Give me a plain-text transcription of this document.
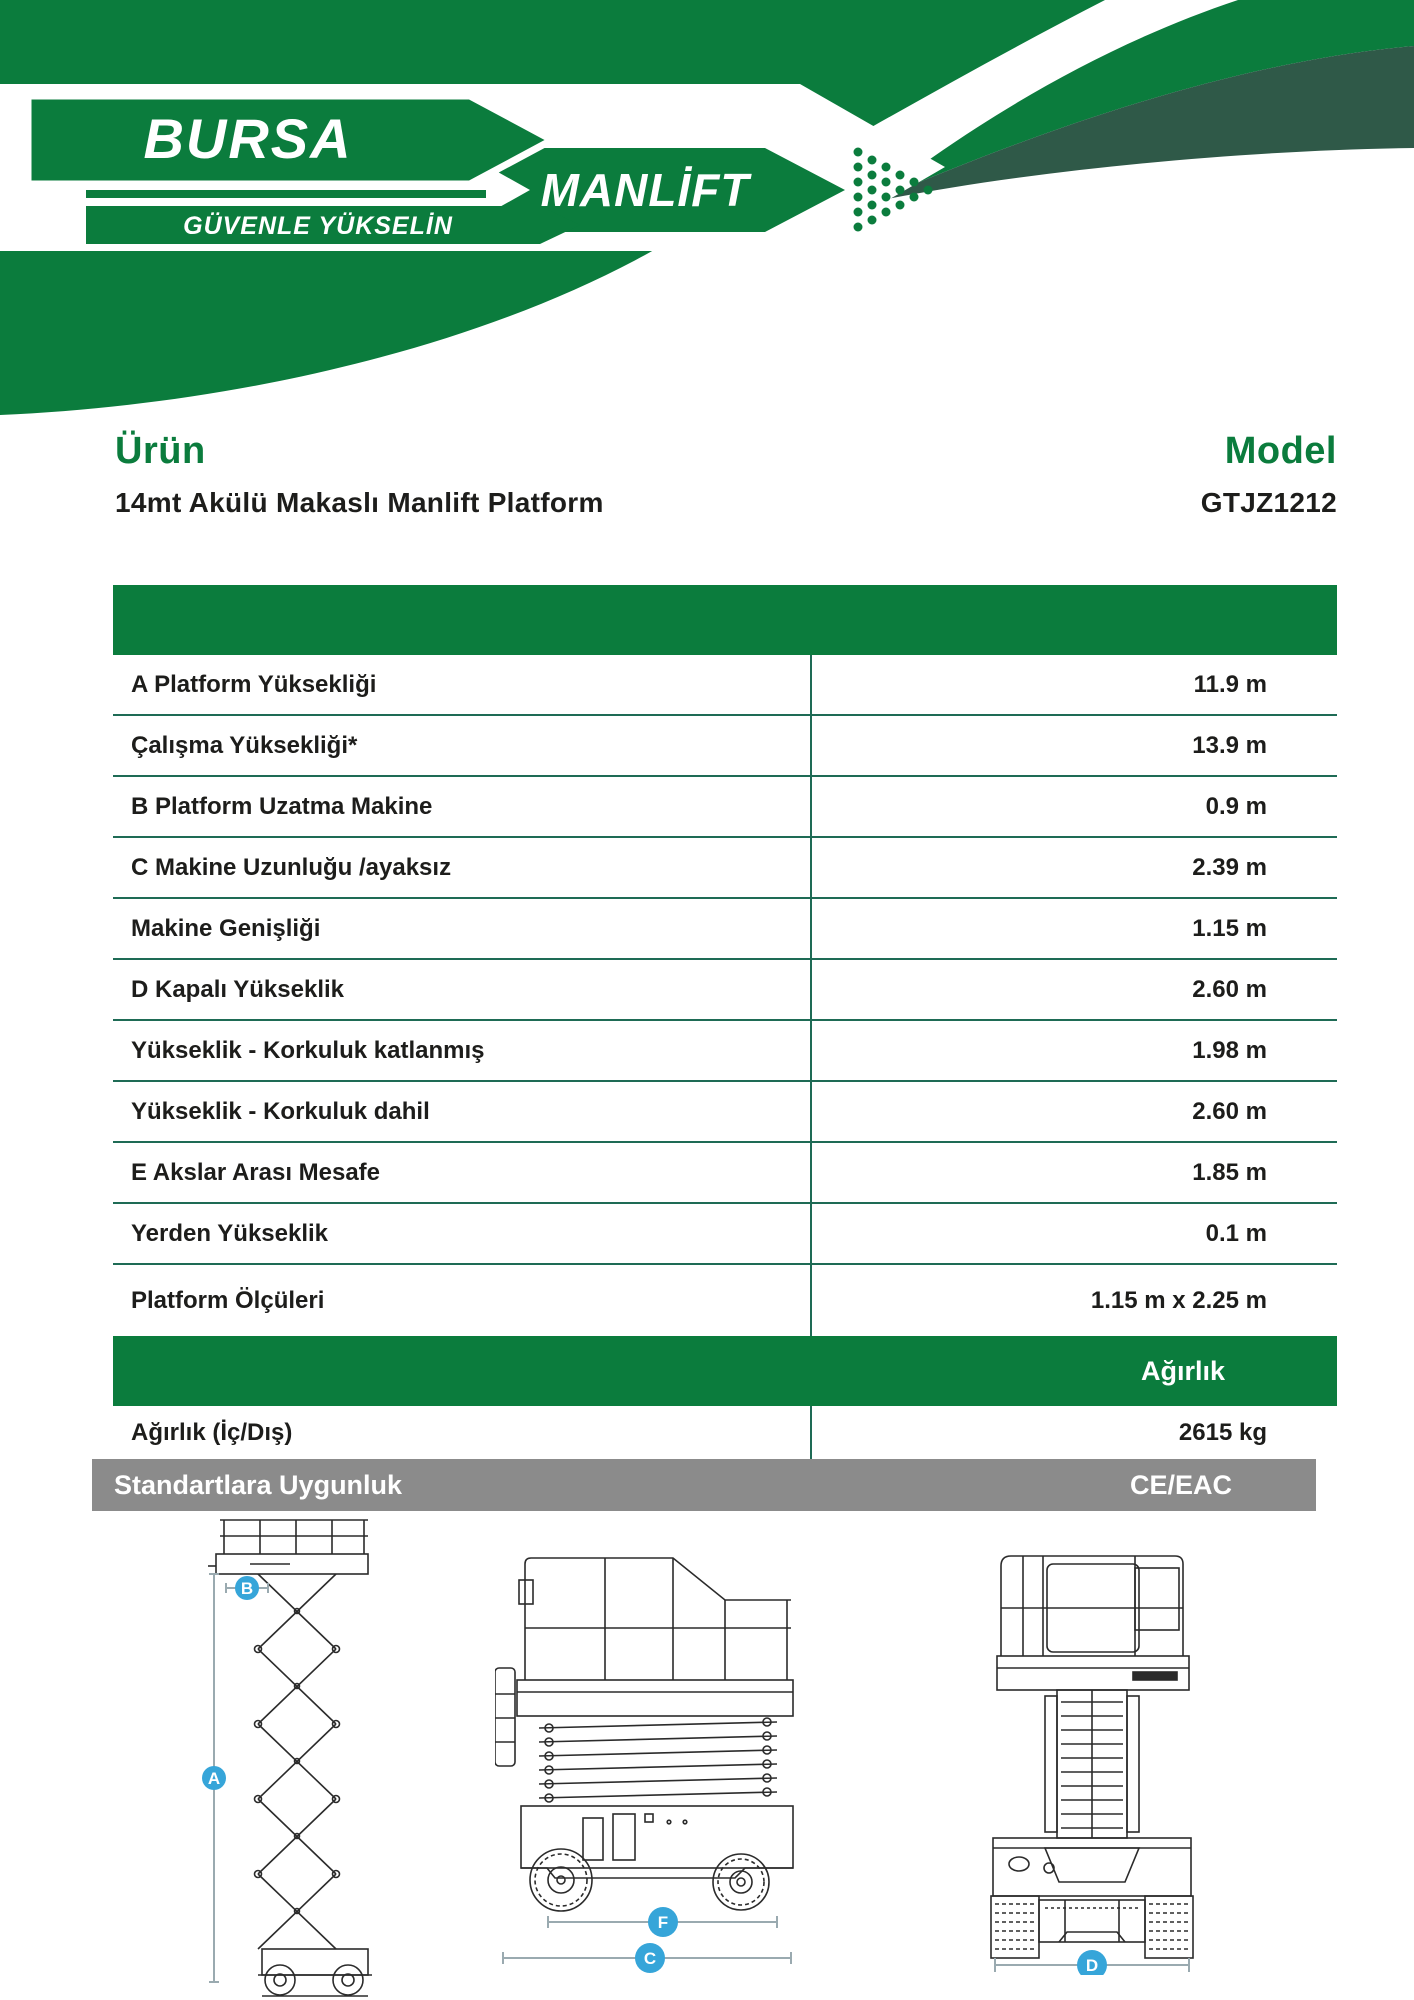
BURSA
MANLİFT
GÜVENLE YÜKSELİN
Ürün
14mt Akülü Makaslı Manlift Platform
Model
GTJZ1212
A Platform Yüksekliği	11.9 m
Çalışma Yüksekliği*	13.9 m
B Platform Uzatma Makine	0.9 m
C Makine Uzunluğu /ayaksız	2.39 m
Makine Genişliği	1.15 m
D Kapalı Yükseklik	2.60 m
Yükseklik - Korkuluk katlanmış	1.98 m
Yükseklik - Korkuluk dahil	2.60 m
E Akslar Arası Mesafe	1.85 m
Yerden Yükseklik	0.1 m
Platform Ölçüleri	1.15 m x 2.25 m
Ağırlık
Ağırlık (İç/Dış)	2615 kg
Standartlara Uygunluk	CE/EAC
B
A
F
C	D
